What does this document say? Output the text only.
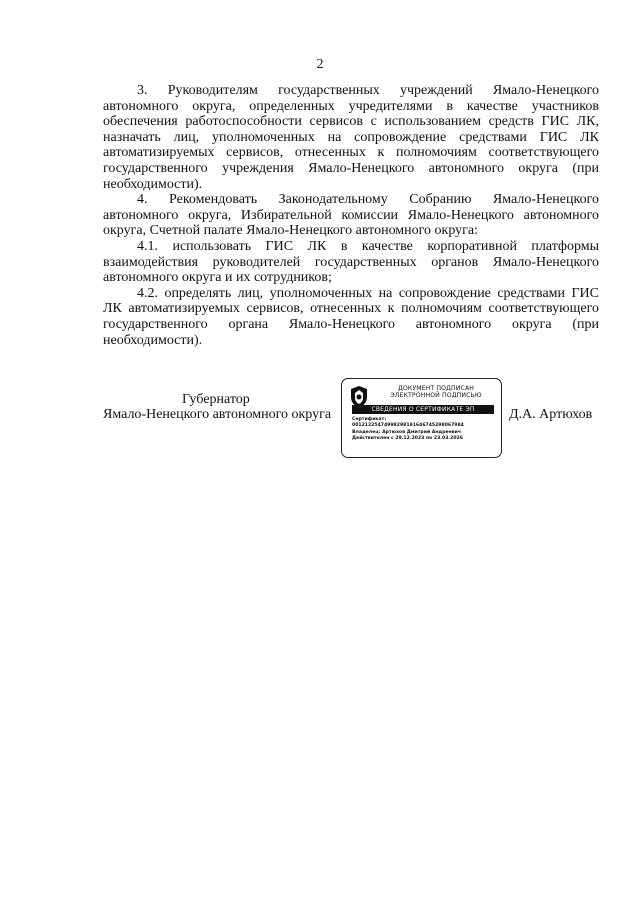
2

3. Руководителям государственных учреждений Ямало-Ненецкого автономного округа, определенных учредителями в качестве участников обеспечения работоспособности сервисов с использованием средств ГИС ЛК, назначать лиц, уполномоченных на сопровождение средствами ГИС ЛК автоматизируемых сервисов, отнесенных к полномочиям соответствующего государственного учреждения Ямало-Ненецкого автономного округа (при необходимости).

4. Рекомендовать Законодательному Собранию Ямало-Ненецкого автономного округа, Избирательной комиссии Ямало-Ненецкого автономного округа, Счетной палате Ямало-Ненецкого автономного округа:

4.1. использовать ГИС ЛК в качестве корпоративной платформы взаимодействия руководителей государственных органов Ямало-Ненецкого автономного округа и их сотрудников;

4.2. определять лиц, уполномоченных на сопровождение средствами ГИС ЛК автоматизируемых сервисов, отнесенных к полномочиям соответствующего государственного органа Ямало-Ненецкого автономного округа (при необходимости).

Губернатор
Ямало-Ненецкого автономного округа
ДОКУМЕНТ ПОДПИСАН
ЭЛЕКТРОННОЙ ПОДПИСЬЮ
СВЕДЕНИЯ О СЕРТИФИКАТЕ ЭП
Сертификат:
00121225474998298191646745298067984
Владелец: Артюхов Дмитрий Андреевич
Действителен с 29.12.2023 по 23.03.2026
Д.А. Артюхов
